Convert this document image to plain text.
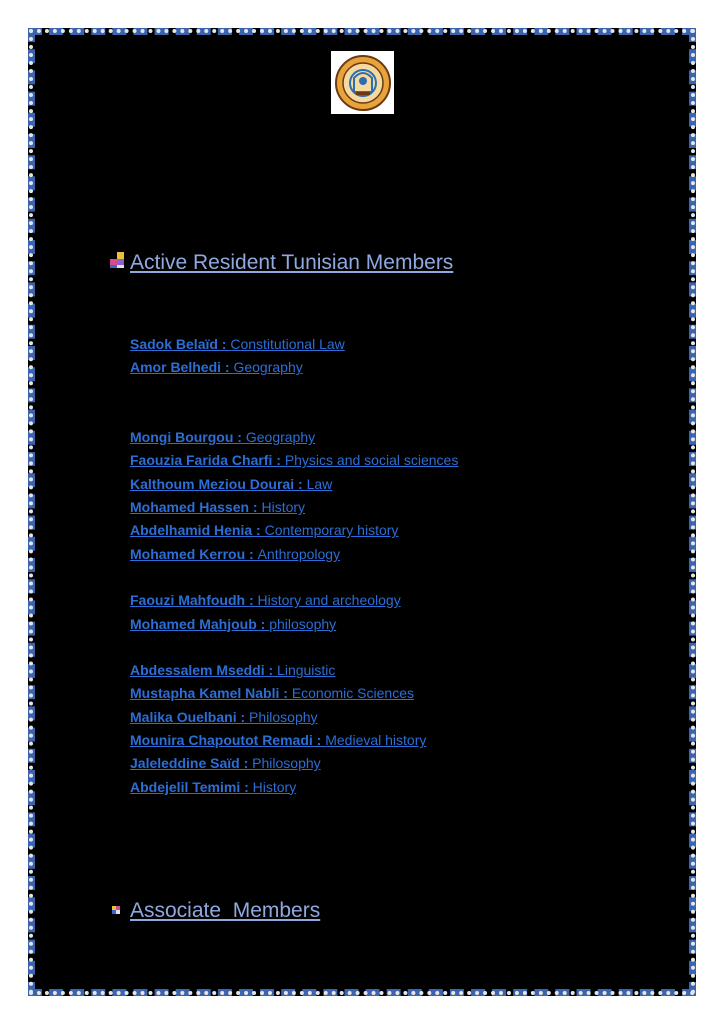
Active Resident Tunisian Members
Sadok Belaïd : Constitutional Law
Amor Belhedi : Geography
Mongi Bourgou : Geography
Faouzia Farida Charfi : Physics and social sciences
Kalthoum Meziou Dourai : Law
Mohamed Hassen : History
Abdelhamid Henia : Contemporary history
Mohamed Kerrou : Anthropology
Faouzi Mahfoudh : History and archeology
Mohamed Mahjoub : philosophy
Abdessalem Mseddi : Linguistic
Mustapha Kamel Nabli : Economic Sciences
Malika Ouelbani : Philosophy
Mounira Chapoutot Remadi : Medieval history
Jaleleddine Saïd : Philosophy
Abdejelil Temimi : History
Associate  Members
